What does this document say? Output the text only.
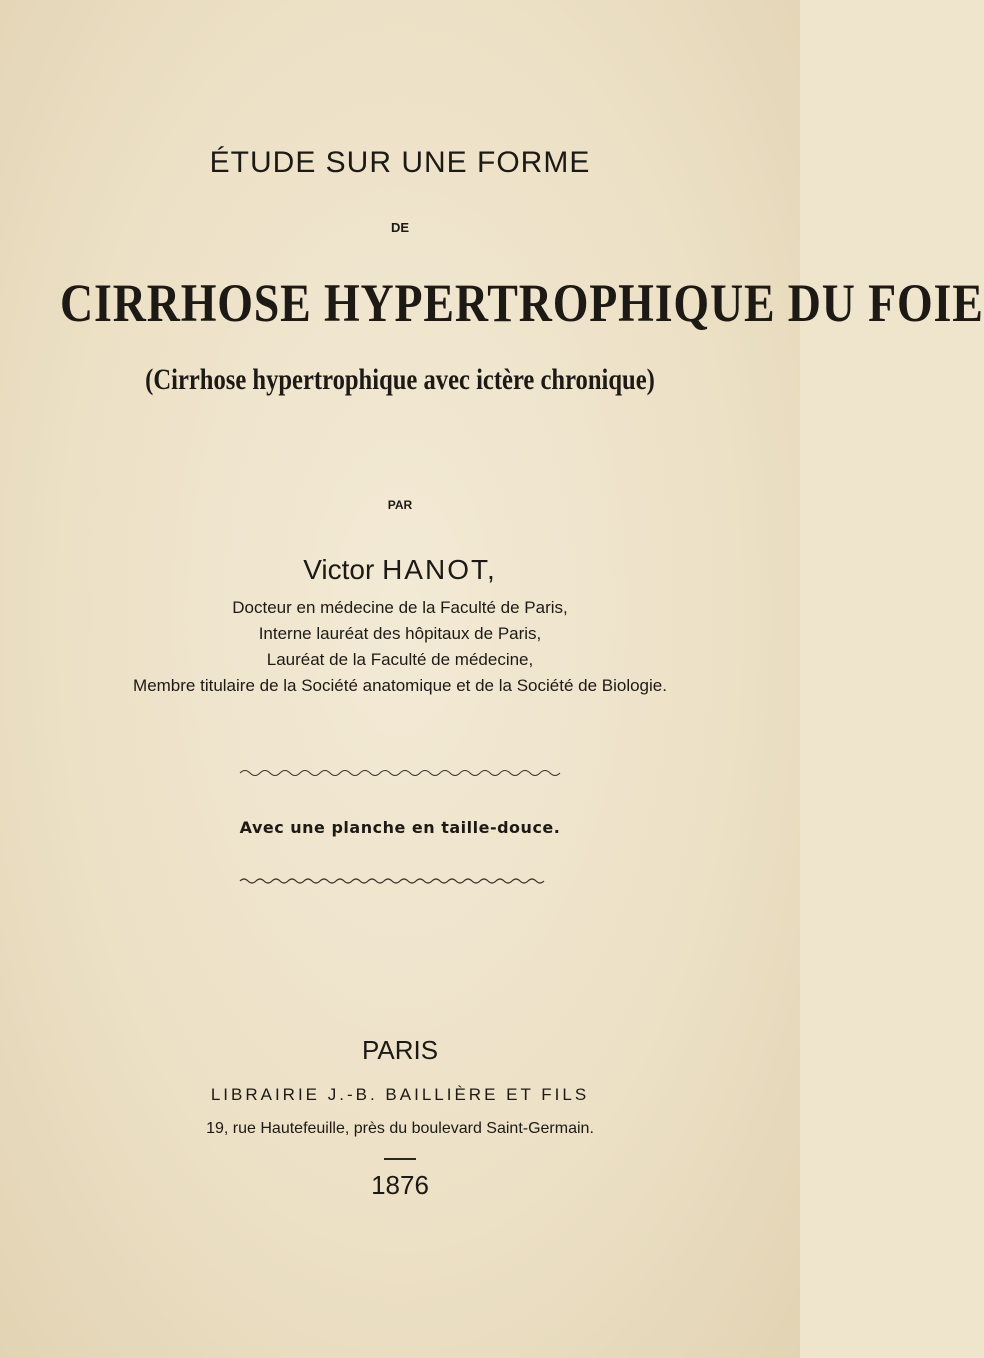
ÉTUDE SUR UNE FORME
DE
CIRRHOSE HYPERTROPHIQUE DU FOIE
(Cirrhose hypertrophique avec ictère chronique)
PAR
Victor HANOT,
Docteur en médecine de la Faculté de Paris,
Interne lauréat des hôpitaux de Paris,
Lauréat de la Faculté de médecine,
Membre titulaire de la Société anatomique et de la Société de Biologie.
Avec une planche en taille-douce.
PARIS
LIBRAIRIE J.-B. BAILLIÈRE ET FILS
19, rue Hautefeuille, près du boulevard Saint-Germain.
1876
